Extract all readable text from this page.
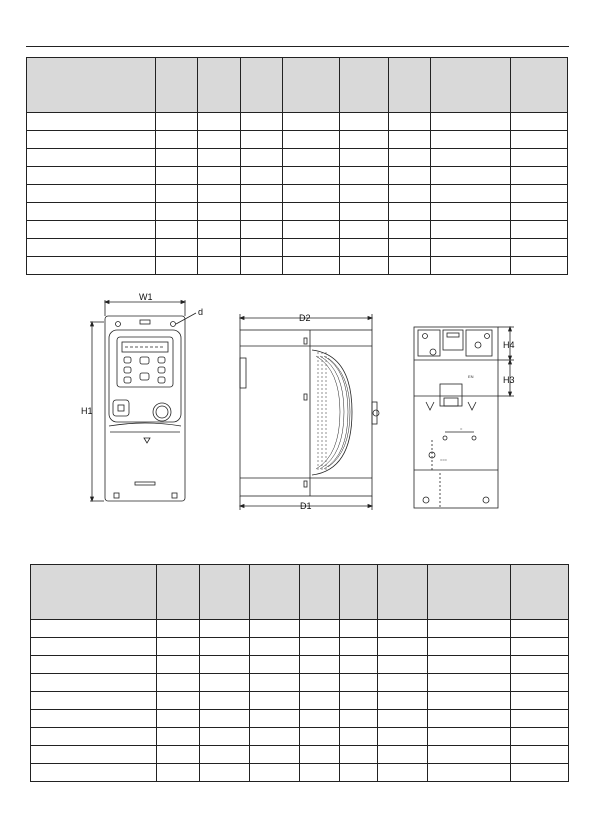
EN
=
===
W1
d
H1
D2
D1
H4
H3
